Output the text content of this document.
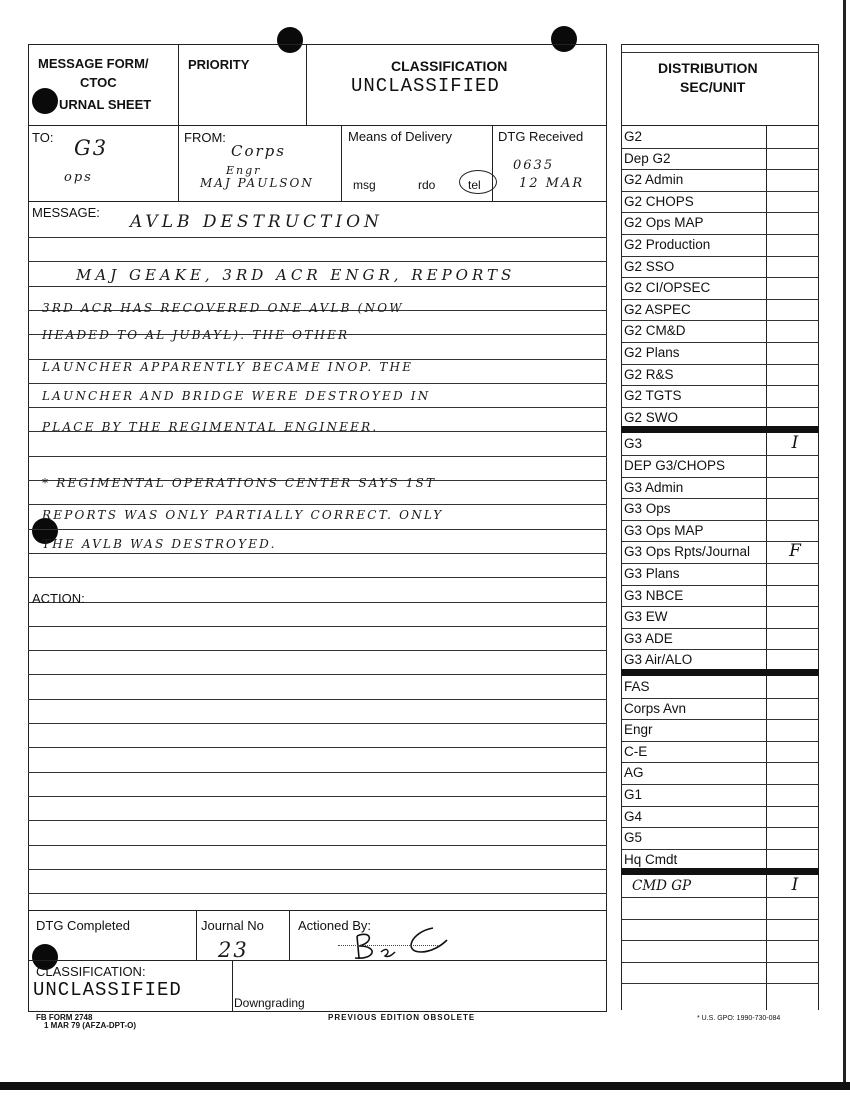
MESSAGE FORM/
CTOC
URNAL SHEET
PRIORITY	CLASSIFICATION
UNCLASSIFIED
TO: G3
ops
FROM:
Corps
Engr
MAJ PAULSON
Means of Delivery
msg	rdo	tel
DTG Received
0635
12 MAR
MESSAGE: AVLB DESTRUCTION
MAJ GEAKE, 3RD ACR ENGR, REPORTS
3RD ACR HAS RECOVERED ONE AVLB (NOW
HEADED TO AL JUBAYL). THE OTHER
LAUNCHER APPARENTLY BECAME INOP. THE
LAUNCHER AND BRIDGE WERE DESTROYED IN
PLACE BY THE REGIMENTAL ENGINEER.
* REGIMENTAL OPERATIONS CENTER SAYS 1ST
REPORTS WAS ONLY PARTIALLY CORRECT. ONLY
THE AVLB WAS DESTROYED.
ACTION:
DTG Completed	Journal No
23
Actioned By:
CLASSIFICATION:
UNCLASSIFIED
Downgrading
DISTRIBUTION
SEC/UNIT
G2
Dep G2
G2 Admin
G2 CHOPS
G2 Ops MAP
G2 Production
G2 SSO
G2 CI/OPSEC
G2 ASPEC
G2 CM&D
G2 Plans
G2 R&S
G2 TGTS
G2 SWO
G3	I
DEP G3/CHOPS
G3 Admin
G3 Ops
G3 Ops MAP
G3 Ops Rpts/Journal	F
G3 Plans
G3 NBCE
G3 EW
G3 ADE
G3 Air/ALO
FAS
Corps Avn
Engr
C-E
AG
G1
G4
G5
Hq Cmdt
CMD GP	I
FB FORM 2748
1 MAR 79 (AFZA-DPT-O)
PREVIOUS EDITION OBSOLETE	* U.S. GPO: 1990-730-084
